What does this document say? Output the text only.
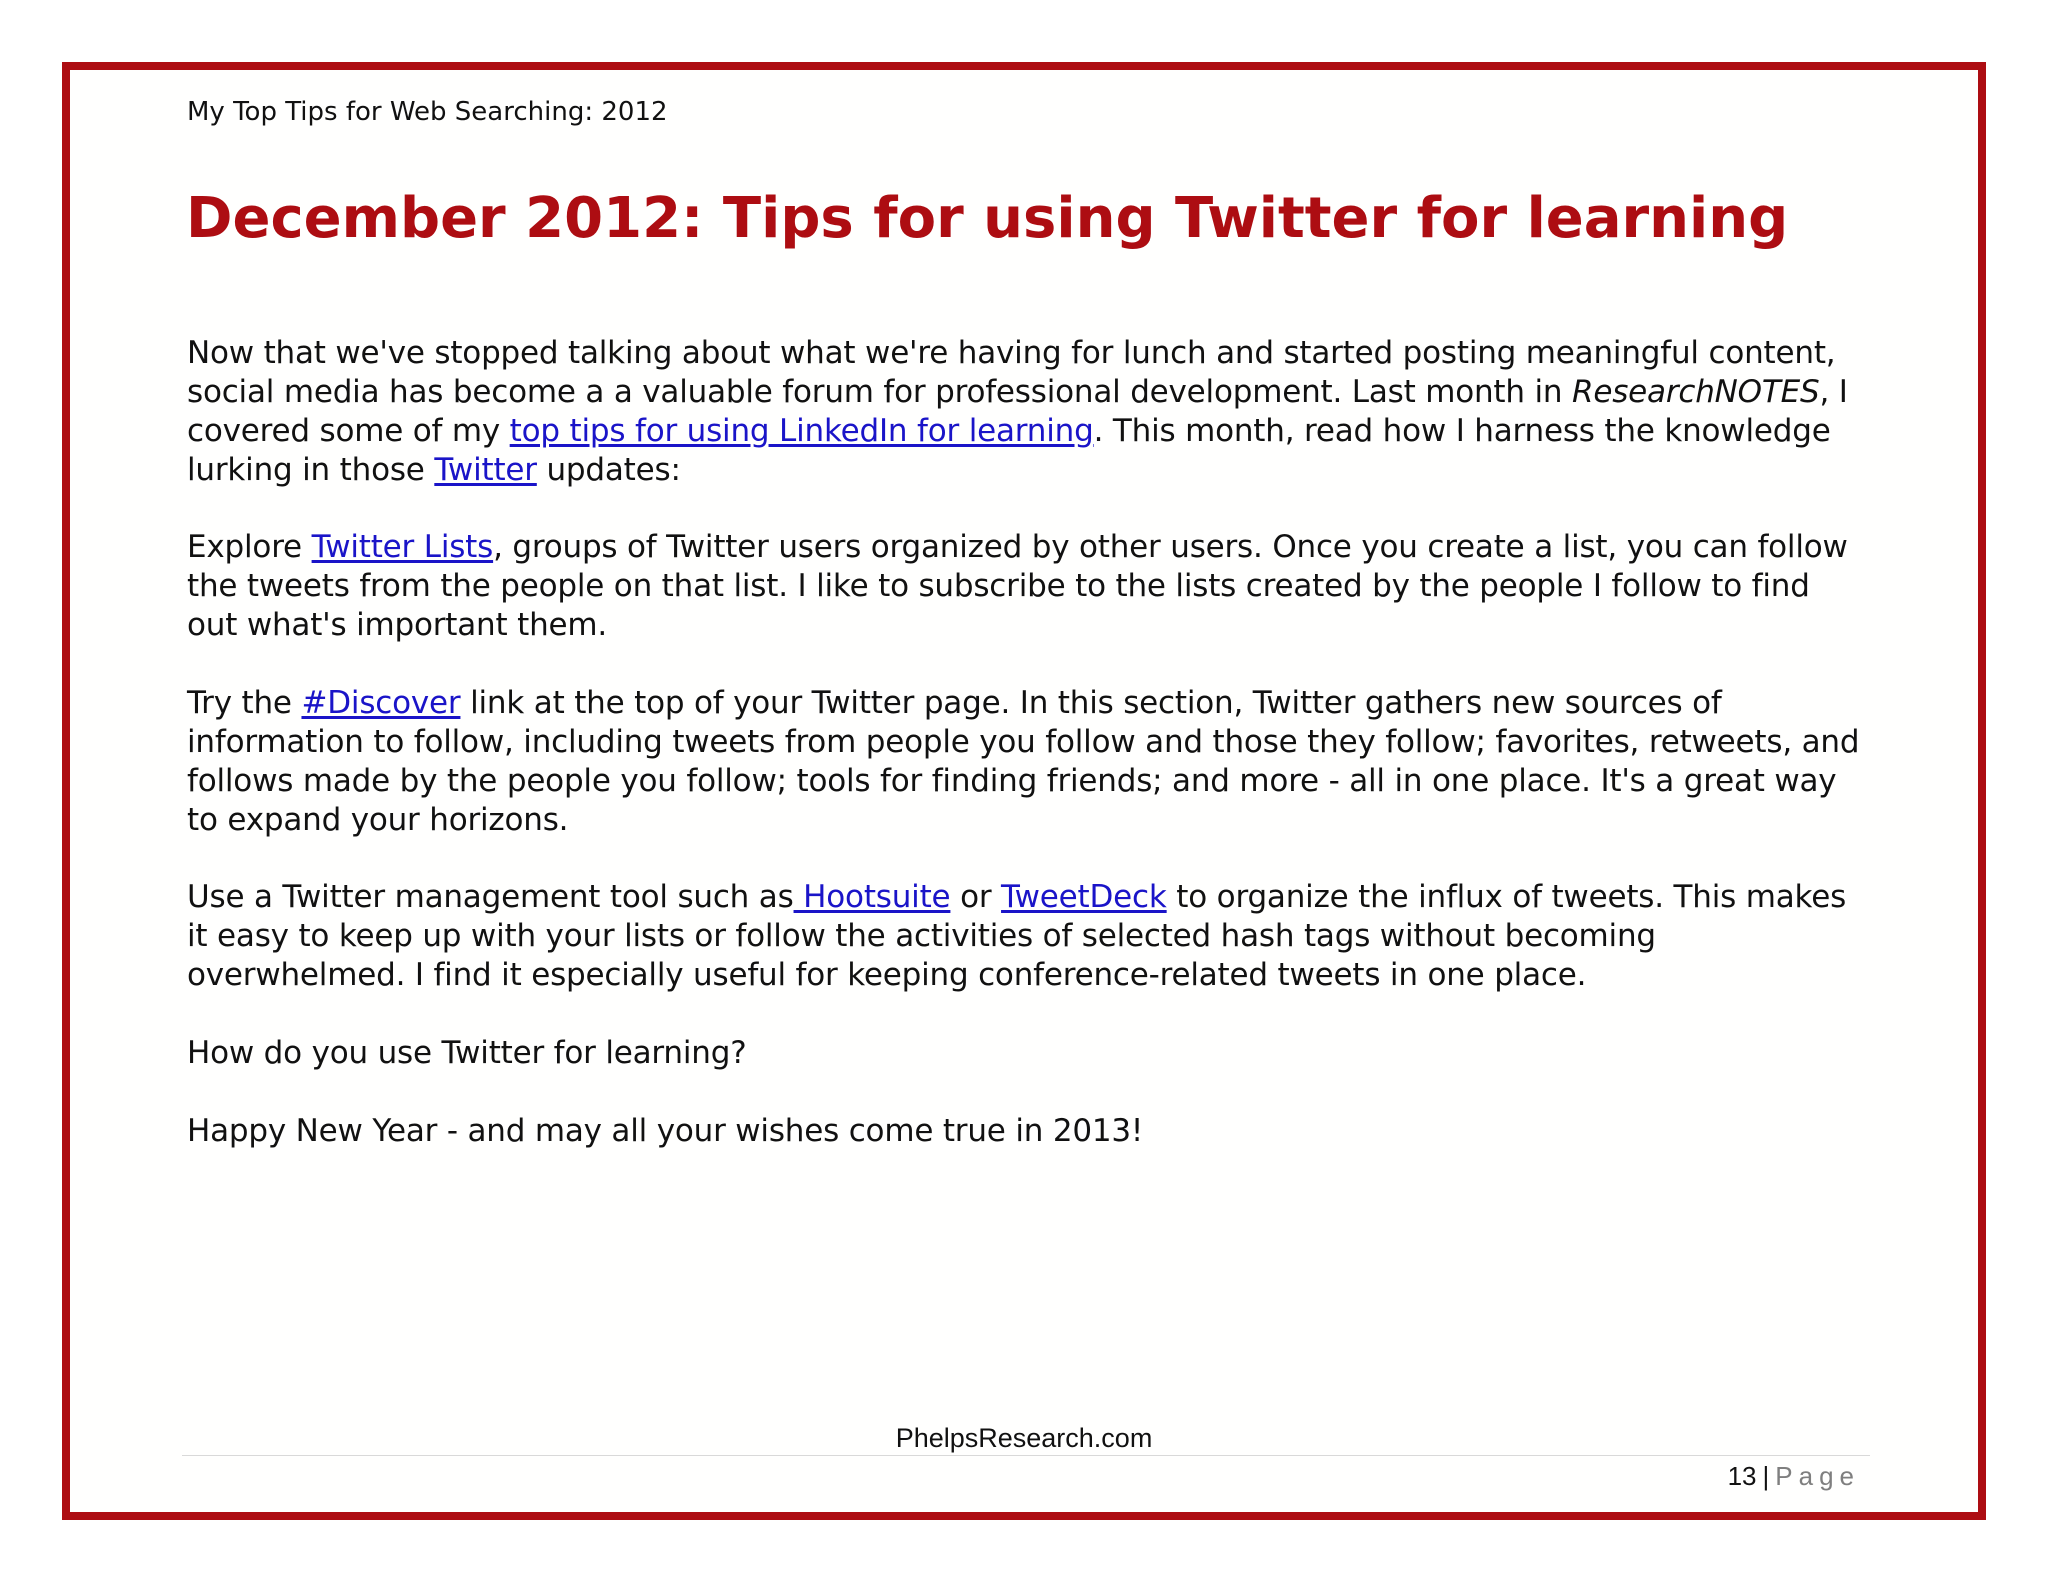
My Top Tips for Web Searching: 2012
December 2012: Tips for using Twitter for learning

Now that we've stopped talking about what we're having for lunch and started posting meaningful content, social media has become a a valuable forum for professional development. Last month in ResearchNOTES, I covered some of my top tips for using LinkedIn for learning. This month, read how I harness the knowledge lurking in those Twitter updates:

Explore Twitter Lists, groups of Twitter users organized by other users. Once you create a list, you can follow the tweets from the people on that list. I like to subscribe to the lists created by the people I follow to find out what's important them.

Try the #Discover link at the top of your Twitter page. In this section, Twitter gathers new sources of information to follow, including tweets from people you follow and those they follow; favorites, retweets, and follows made by the people you follow; tools for finding friends; and more - all in one place. It's a great way to expand your horizons.

Use a Twitter management tool such as Hootsuite or TweetDeck to organize the influx of tweets. This makes it easy to keep up with your lists or follow the activities of selected hash tags without becoming overwhelmed. I find it especially useful for keeping conference-related tweets in one place.

How do you use Twitter for learning?

Happy New Year - and may all your wishes come true in 2013!

PhelpsResearch.com
13 | Page
